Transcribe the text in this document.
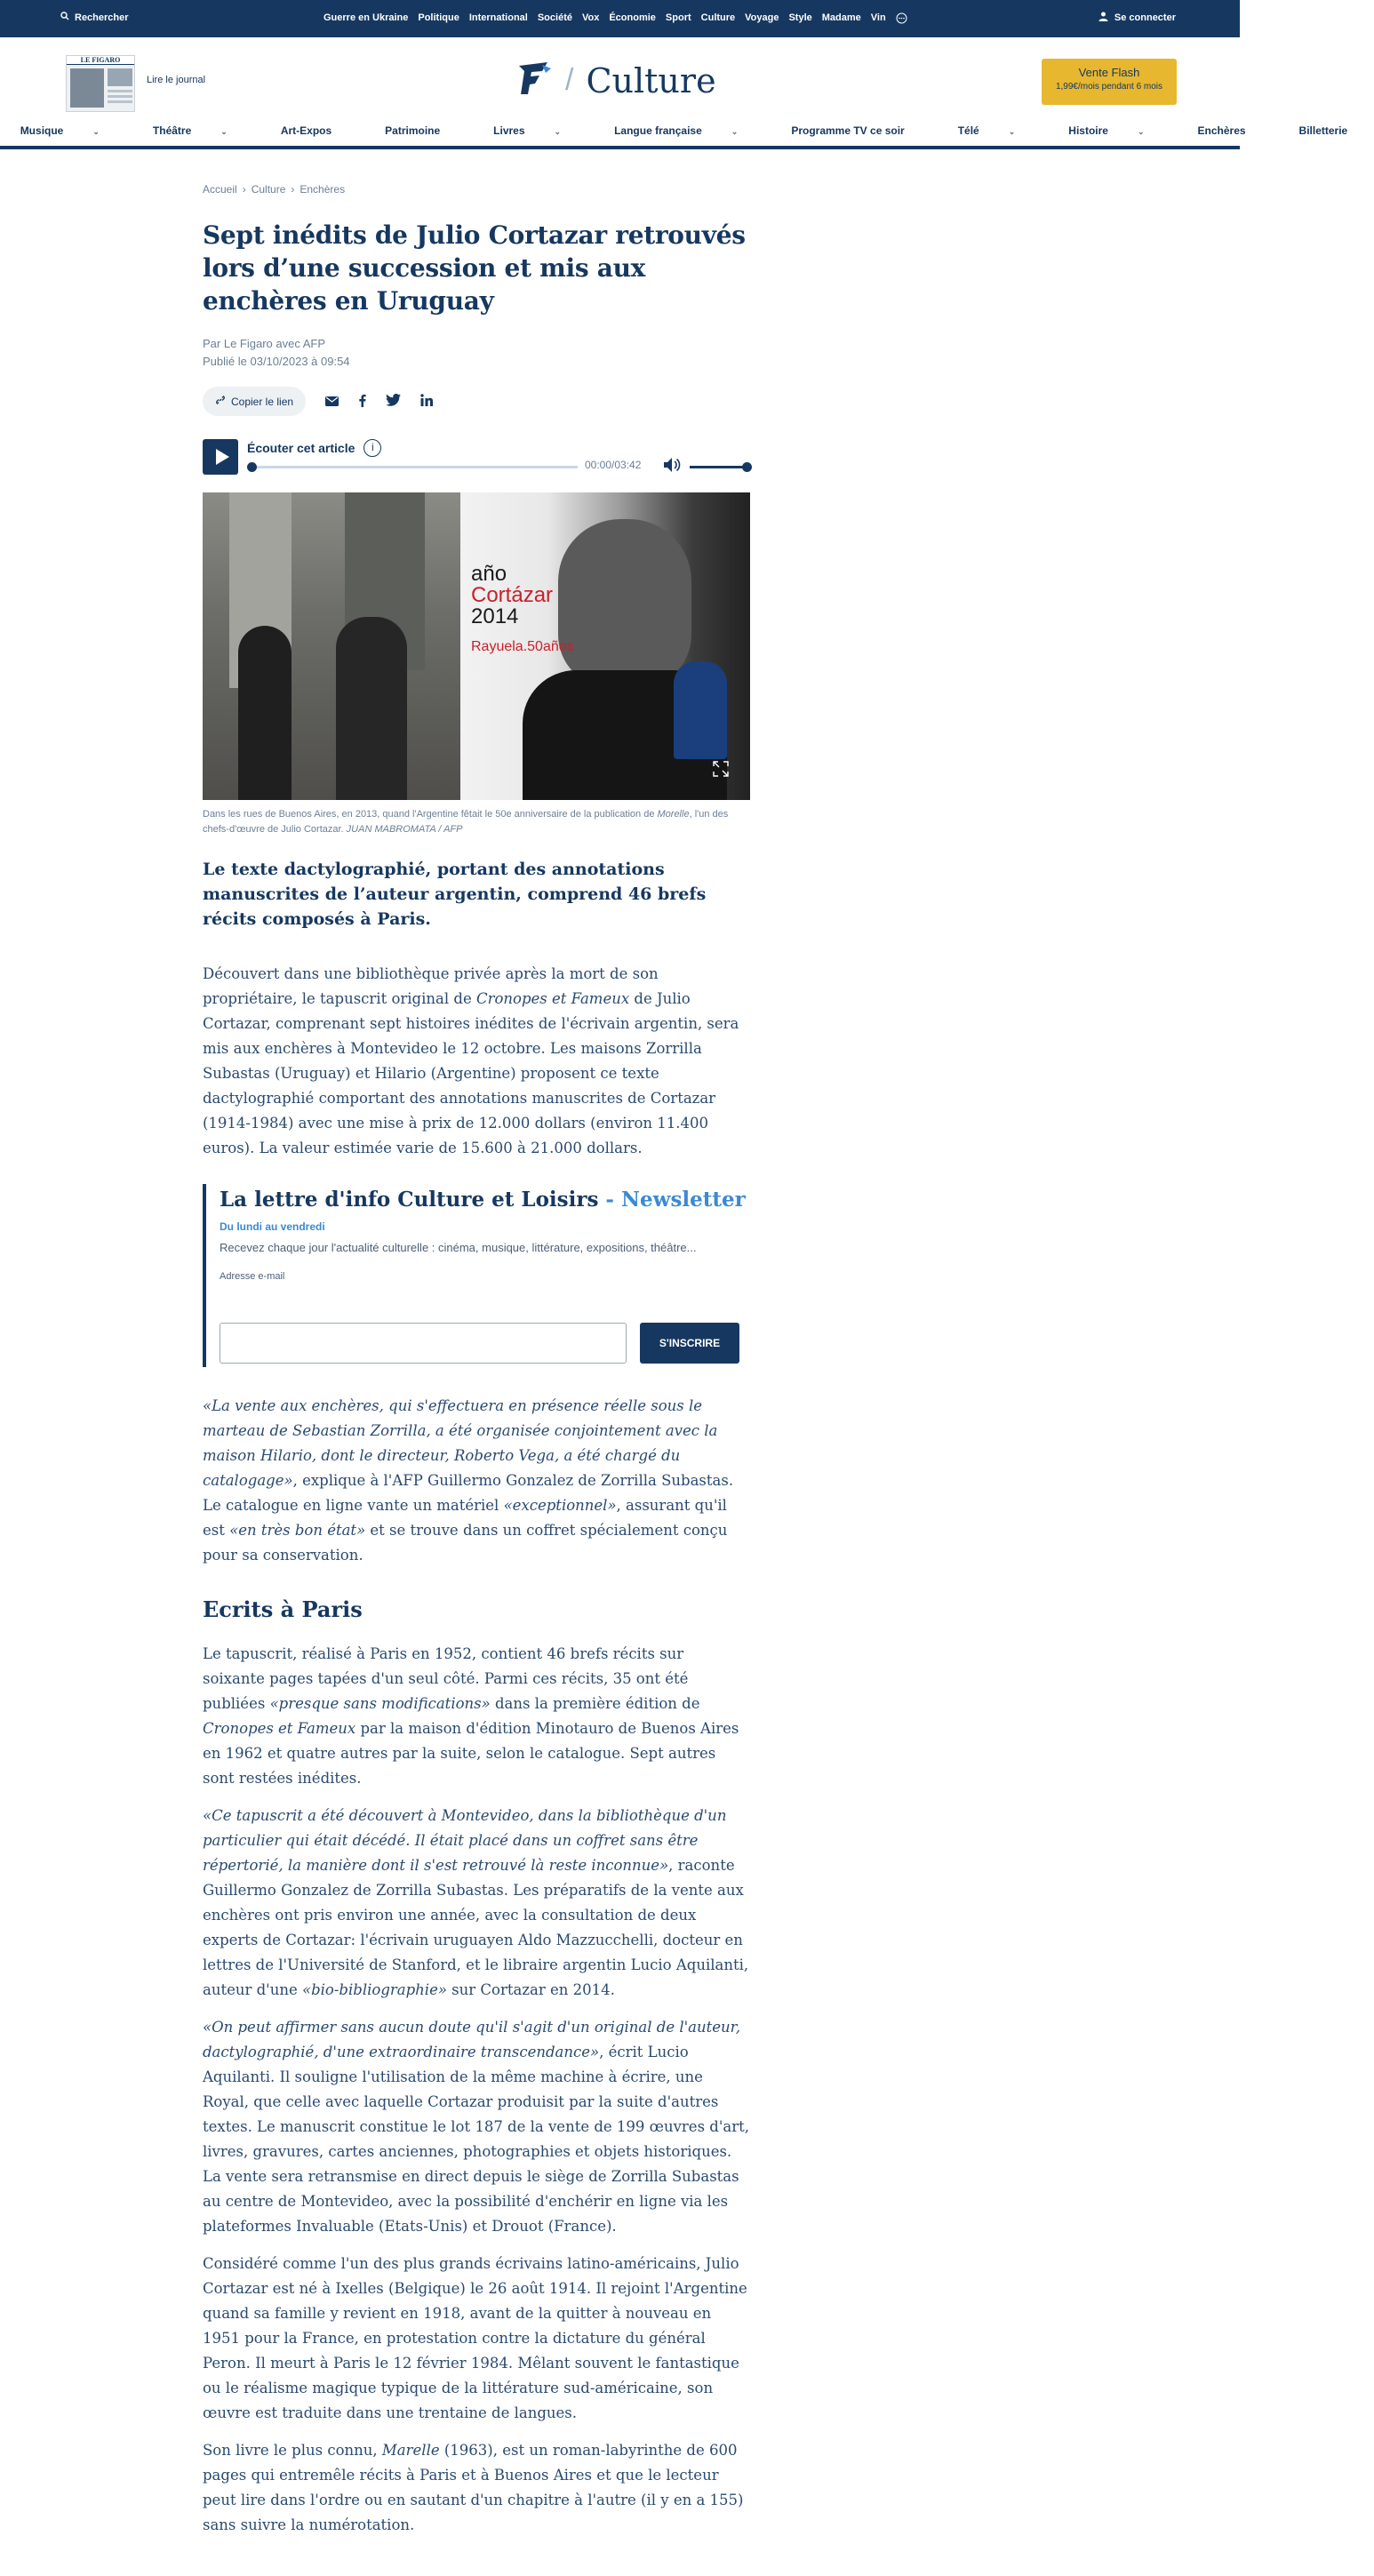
Rechercher	Guerre en Ukraine Politique International Société Vox Économie Sport Culture Voyage Style Madame Vin	Se connecter
LE FIGARO
Lire le journal	/ Culture	Vente Flash
1,99€/mois pendant 6 mois
Musique	⌄	Théâtre	⌄	Art-Expos	Patrimoine	Livres	⌄	Langue française	⌄	Programme TV ce soir	Télé	⌄	Histoire	⌄	Enchères	Billetterie
Accueil › Culture › Enchères
Sept inédits de Julio Cortazar retrouvés lors d’une succession et mis aux enchères en Uruguay
Par Le Figaro avec AFP
Publié le 03/10/2023 à 09:54
Copier le lien
Écouter cet article	i
00:00/03:42
año
Cortázar
2014
Rayuela.50años
Dans les rues de Buenos Aires, en 2013, quand l'Argentine fêtait le 50e anniversaire de la publication de Morelle, l'un des chefs-d'œuvre de Julio Cortazar. JUAN MABROMATA / AFP
Le texte dactylographié, portant des annotations manuscrites de l’auteur argentin, comprend 46 brefs récits composés à Paris.

Découvert dans une bibliothèque privée après la mort de son propriétaire, le tapuscrit original de Cronopes et Fameux de Julio Cortazar, comprenant sept histoires inédites de l'écrivain argentin, sera mis aux enchères à Montevideo le 12 octobre. Les maisons Zorrilla Subastas (Uruguay) et Hilario (Argentine) proposent ce texte dactylographié comportant des annotations manuscrites de Cortazar (1914-1984) avec une mise à prix de 12.000 dollars (environ 11.400 euros). La valeur estimée varie de 15.600 à 21.000 dollars.

La lettre d'info Culture et Loisirs - Newsletter
Du lundi au vendredi
Recevez chaque jour l'actualité culturelle : cinéma, musique, littérature, expositions, théâtre...
Adresse e-mail
S'INSCRIRE

«La vente aux enchères, qui s'effectuera en présence réelle sous le marteau de Sebastian Zorrilla, a été organisée conjointement avec la maison Hilario, dont le directeur, Roberto Vega, a été chargé du catalogage», explique à l'AFP Guillermo Gonzalez de Zorrilla Subastas. Le catalogue en ligne vante un matériel «exceptionnel», assurant qu'il est «en très bon état» et se trouve dans un coffret spécialement conçu pour sa conservation.

Ecrits à Paris

Le tapuscrit, réalisé à Paris en 1952, contient 46 brefs récits sur soixante pages tapées d'un seul côté. Parmi ces récits, 35 ont été publiées «presque sans modifications» dans la première édition de Cronopes et Fameux par la maison d'édition Minotauro de Buenos Aires en 1962 et quatre autres par la suite, selon le catalogue. Sept autres sont restées inédites.

«Ce tapuscrit a été découvert à Montevideo, dans la bibliothèque d'un particulier qui était décédé. Il était placé dans un coffret sans être répertorié, la manière dont il s'est retrouvé là reste inconnue», raconte Guillermo Gonzalez de Zorrilla Subastas. Les préparatifs de la vente aux enchères ont pris environ une année, avec la consultation de deux experts de Cortazar: l'écrivain uruguayen Aldo Mazzucchelli, docteur en lettres de l'Université de Stanford, et le libraire argentin Lucio Aquilanti, auteur d'une «bio-bibliographie» sur Cortazar en 2014.

«On peut affirmer sans aucun doute qu'il s'agit d'un original de l'auteur, dactylographié, d'une extraordinaire transcendance», écrit Lucio Aquilanti. Il souligne l'utilisation de la même machine à écrire, une Royal, que celle avec laquelle Cortazar produisit par la suite d'autres textes. Le manuscrit constitue le lot 187 de la vente de 199 œuvres d'art, livres, gravures, cartes anciennes, photographies et objets historiques. La vente sera retransmise en direct depuis le siège de Zorrilla Subastas au centre de Montevideo, avec la possibilité d'enchérir en ligne via les plateformes Invaluable (Etats-Unis) et Drouot (France).

Considéré comme l'un des plus grands écrivains latino-américains, Julio Cortazar est né à Ixelles (Belgique) le 26 août 1914. Il rejoint l'Argentine quand sa famille y revient en 1918, avant de la quitter à nouveau en 1951 pour la France, en protestation contre la dictature du général Peron. Il meurt à Paris le 12 février 1984. Mêlant souvent le fantastique ou le réalisme magique typique de la littérature sud-américaine, son œuvre est traduite dans une trentaine de langues.

Son livre le plus connu, Marelle (1963), est un roman-labyrinthe de 600 pages qui entremêle récits à Paris et à Buenos Aires et que le lecteur peut lire dans l'ordre ou en sautant d'un chapitre à l'autre (il y en a 155) sans suivre la numérotation.
